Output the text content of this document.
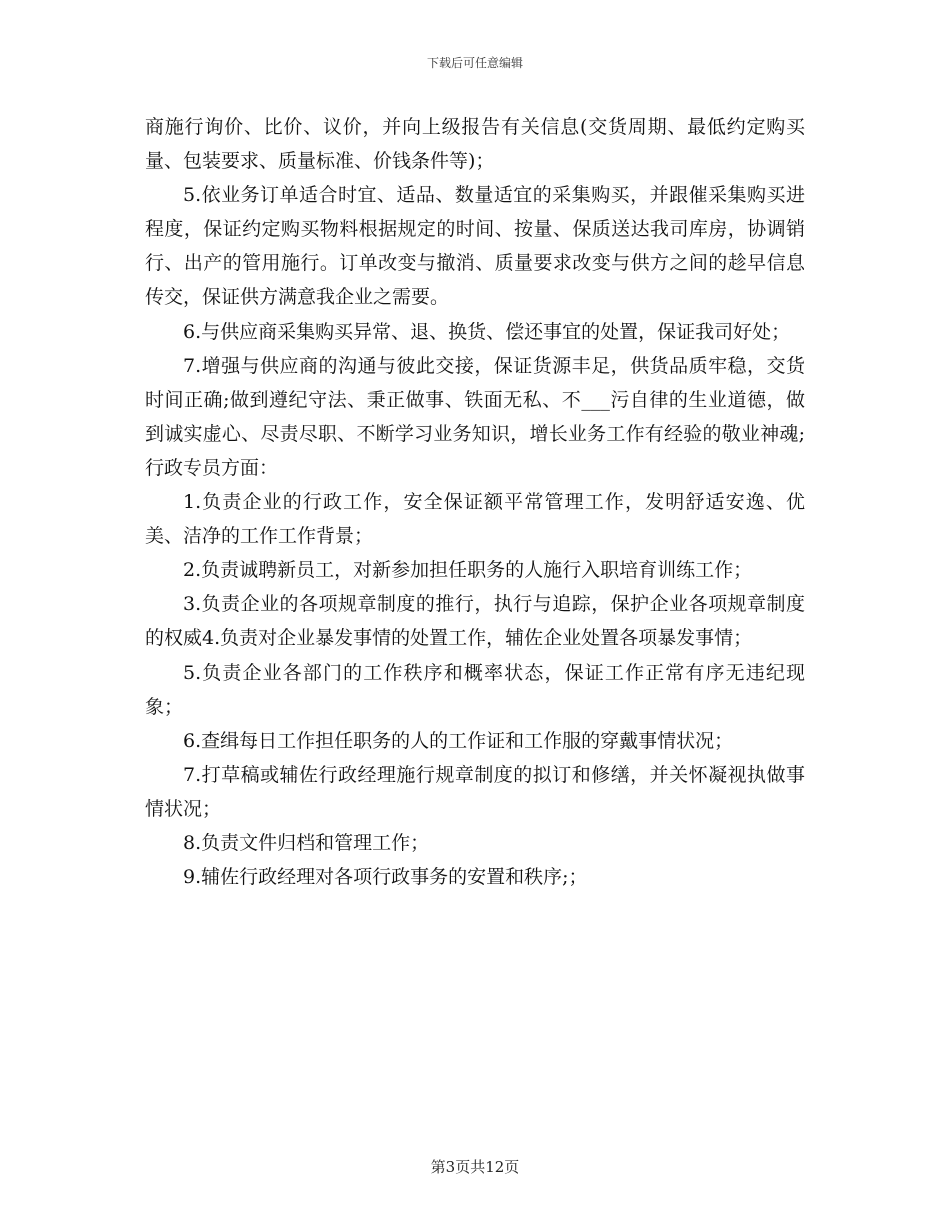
下载后可任意编辑

商施行询价、比价、议价，并向上级报告有关信息(交货周期、最低约定购买量、包装要求、质量标准、价钱条件等)；

5.依业务订单适合时宜、适品、数量适宜的采集购买，并跟催采集购买进程度，保证约定购买物料根据规定的时间、按量、保质送达我司库房，协调销行、出产的管用施行。订单改变与撤消、质量要求改变与供方之间的趁早信息传交，保证供方满意我企业之需要。

6.与供应商采集购买异常、退、换货、偿还事宜的处置，保证我司好处；

7.增强与供应商的沟通与彼此交接，保证货源丰足，供货品质牢稳，交货时间正确;做到遵纪守法、秉正做事、铁面无私、不___污自律的生业道德，做到诚实虚心、尽责尽职、不断学习业务知识，增长业务工作有经验的敬业神魂;行政专员方面：

1.负责企业的行政工作，安全保证额平常管理工作，发明舒适安逸、优美、洁净的工作工作背景；

2.负责诚聘新员工，对新参加担任职务的人施行入职培育训练工作；

3.负责企业的各项规章制度的推行，执行与追踪，保护企业各项规章制度的权威4.负责对企业暴发事情的处置工作，辅佐企业处置各项暴发事情；

5.负责企业各部门的工作秩序和概率状态，保证工作正常有序无违纪现象；

6.查缉每日工作担任职务的人的工作证和工作服的穿戴事情状况；

7.打草稿或辅佐行政经理施行规章制度的拟订和修缮，并关怀凝视执做事情状况；

8.负责文件归档和管理工作；

9.辅佐行政经理对各项行政事务的安置和秩序;；

第3页共12页
